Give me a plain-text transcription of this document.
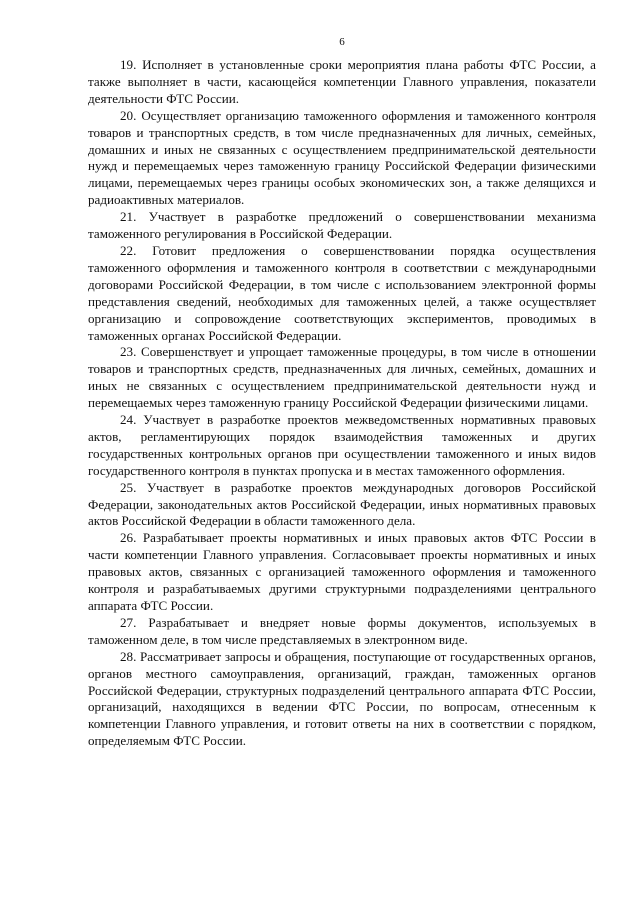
6

19. Исполняет в установленные сроки мероприятия плана работы ФТС России, а также выполняет в части, касающейся компетенции Главного управления, показатели деятельности ФТС России.

20. Осуществляет организацию таможенного оформления и таможенного контроля товаров и транспортных средств, в том числе предназначенных для личных, семейных, домашних и иных не связанных с осуществлением предпринимательской деятельности нужд и перемещаемых через таможенную границу Российской Федерации физическими лицами, перемещаемых через границы особых экономических зон, а также делящихся и радиоактивных материалов.

21. Участвует в разработке предложений о совершенствовании механизма таможенного регулирования в Российской Федерации.

22. Готовит предложения о совершенствовании порядка осуществления таможенного оформления и таможенного контроля в соответствии с международными договорами Российской Федерации, в том числе с использованием электронной формы представления сведений, необходимых для таможенных целей, а также осуществляет организацию и сопровождение соответствующих экспериментов, проводимых в таможенных органах Российской Федерации.

23. Совершенствует и упрощает таможенные процедуры, в том числе в отношении товаров и транспортных средств, предназначенных для личных, семейных, домашних и иных не связанных с осуществлением предпринимательской деятельности нужд и перемещаемых через таможенную границу Российской Федерации физическими лицами.

24. Участвует в разработке проектов межведомственных нормативных правовых актов, регламентирующих порядок взаимодействия таможенных и других государственных контрольных органов при осуществлении таможенного и иных видов государственного контроля в пунктах пропуска и в местах таможенного оформления.

25. Участвует в разработке проектов международных договоров Российской Федерации, законодательных актов Российской Федерации, иных нормативных правовых актов Российской Федерации в области таможенного дела.

26. Разрабатывает проекты нормативных и иных правовых актов ФТС России в части компетенции Главного управления. Согласовывает проекты нормативных и иных правовых актов, связанных с организацией таможенного оформления и таможенного контроля и разрабатываемых другими структурными подразделениями центрального аппарата ФТС России.

27. Разрабатывает и внедряет новые формы документов, используемых в таможенном деле, в том числе представляемых в электронном виде.

28. Рассматривает запросы и обращения, поступающие от государственных органов, органов местного самоуправления, организаций, граждан, таможенных органов Российской Федерации, структурных подразделений центрального аппарата ФТС России, организаций, находящихся в ведении ФТС России, по вопросам, отнесенным к компетенции Главного управления, и готовит ответы на них в соответствии с порядком, определяемым ФТС России.
